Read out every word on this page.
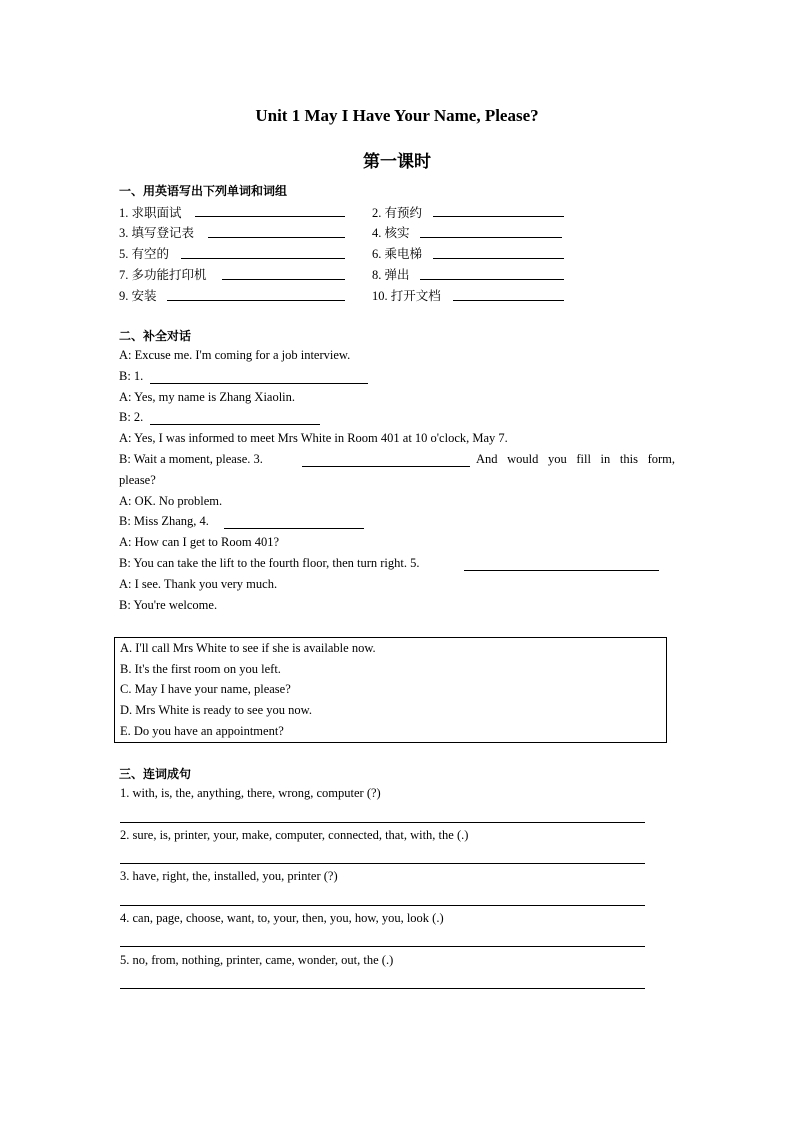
Unit 1 May I Have Your Name, Please?
第一课时
一、用英语写出下列单词和词组
1. 求职面试	2. 有预约
3. 填写登记表	4. 核实
5. 有空的	6. 乘电梯
7. 多功能打印机	8. 弹出
9. 安装	10. 打开文档
二、补全对话
A: Excuse me. I'm coming for a job interview.
B: 1.
A: Yes, my name is Zhang Xiaolin.
B: 2.
A: Yes, I was informed to meet Mrs White in Room 401 at 10 o'clock, May 7.
B: Wait a moment, please. 3.	And would you fill in this form,
please?
A: OK. No problem.
B: Miss Zhang, 4.
A: How can I get to Room 401?
B: You can take the lift to the fourth floor, then turn right. 5.
A: I see. Thank you very much.
B: You're welcome.
A. I'll call Mrs White to see if she is available now.
B. It's the first room on you left.
C. May I have your name, please?
D. Mrs White is ready to see you now.
E. Do you have an appointment?
三、连词成句
1. with, is, the, anything, there, wrong, computer (?)
2. sure, is, printer, your, make, computer, connected, that, with, the (.)
3. have, right, the, installed, you, printer (?)
4. can, page, choose, want, to, your, then, you, how, you, look (.)
5. no, from, nothing, printer, came, wonder, out, the (.)
